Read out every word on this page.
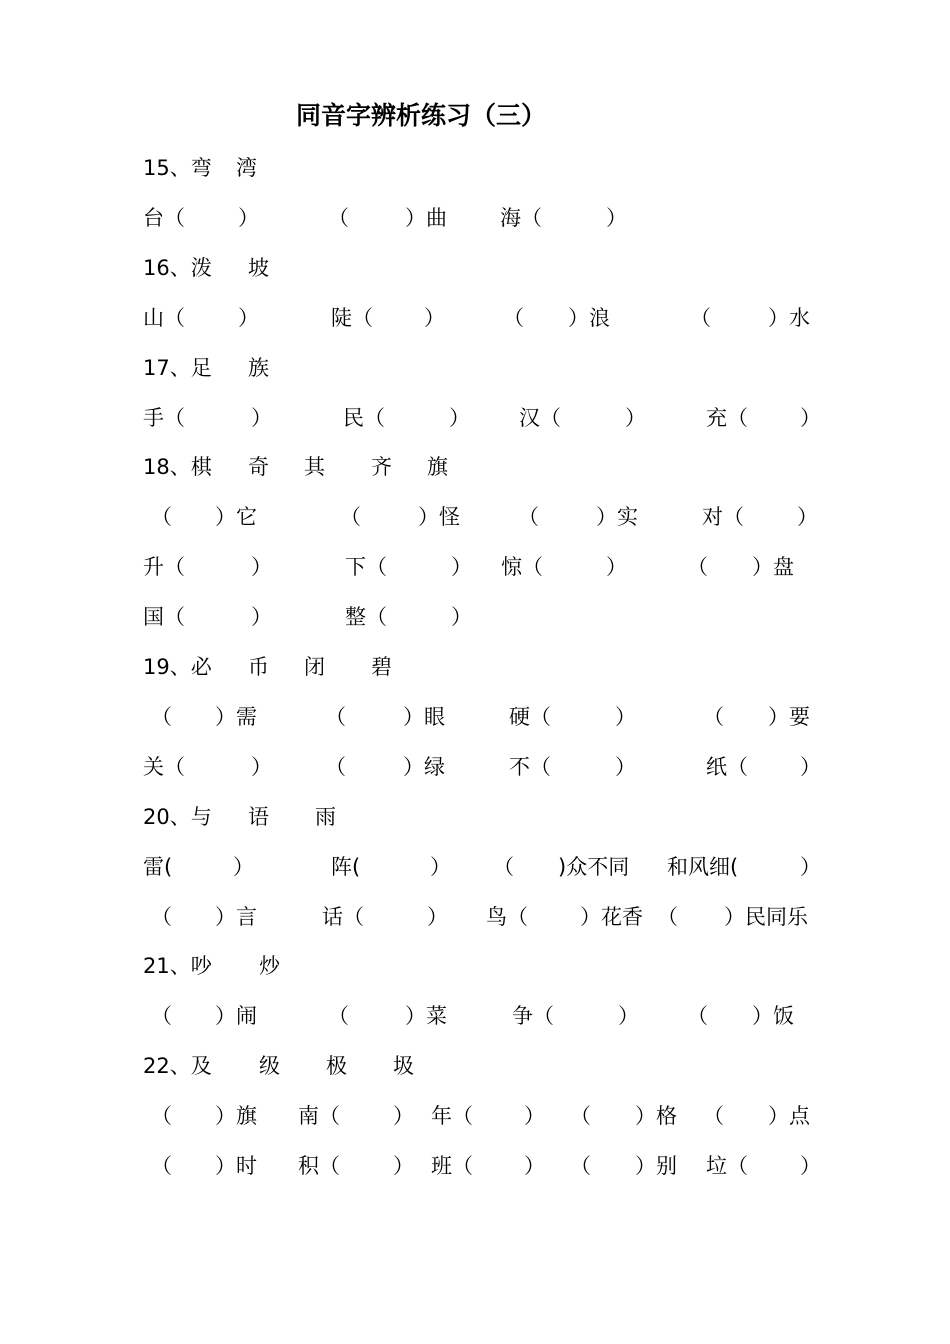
同音字辨析练习（三）
15、弯 湾
台（	）	（	）曲	海（	）
16、泼 坡
山（	）	陡（ ）	（ ）浪	（	）水
17、足 族
手（	）	民（	） 汉（	）	充（ ）
18、棋 奇 其 齐 旗
（ ）它	（	）怪	（	）实	对（	）
升（	）	下（	） 惊（	）	（ ）盘
国（	）	整（	）
19、必 币 闭 碧
（ ）需	（	）眼	硬（	）	（ ）要
关（	）	（	）绿	不（	）	纸（ ）
20、与 语 雨
雷(	）	阵(	） （ )众不同 和风细(	）
（ ）言	话（	） 鸟（ ）花香 （ ）民同乐
21、吵 炒
（ ）闹	（	）菜	争（	） （ ）饭
22、及 级 极 圾
（ ）旗 南（	） 年（ ） （ ）格 （ ）点
（ ）时 积（	） 班（ ） （ ）别 垃（ ）
